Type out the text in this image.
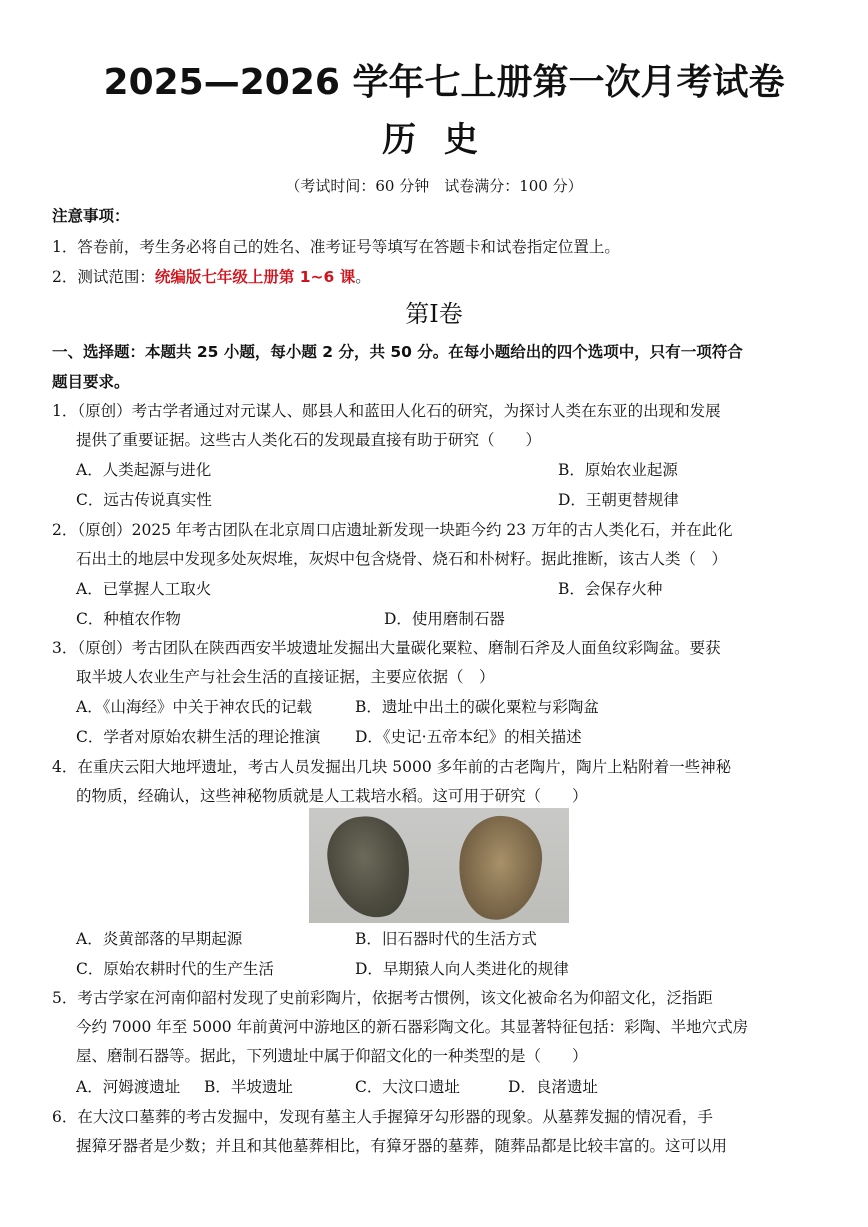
2025—2026 学年七上册第一次月考试卷
历 史
（考试时间：60 分钟　试卷满分：100 分）
注意事项：
1．答卷前，考生务必将自己的姓名、准考证号等填写在答题卡和试卷指定位置上。
2．测试范围：统编版七年级上册第 1~6 课。
第Ⅰ卷
一、选择题：本题共 25 小题，每小题 2 分，共 50 分。在每小题给出的四个选项中，只有一项符合
题目要求。
1．（原创）考古学者通过对元谋人、郧县人和蓝田人化石的研究，为探讨人类在东亚的出现和发展
提供了重要证据。这些古人类化石的发现最直接有助于研究（　　）
A．人类起源与进化	B．原始农业起源
C．远古传说真实性	D．王朝更替规律
2．（原创）2025 年考古团队在北京周口店遗址新发现一块距今约 23 万年的古人类化石，并在此化
石出土的地层中发现多处灰烬堆，灰烬中包含烧骨、烧石和朴树籽。据此推断，该古人类（　）
A．已掌握人工取火	B．会保存火种
C．种植农作物	D．使用磨制石器
3．（原创）考古团队在陕西西安半坡遗址发掘出大量碳化粟粒、磨制石斧及人面鱼纹彩陶盆。要获
取半坡人农业生产与社会生活的直接证据，主要应依据（　）
A．《山海经》中关于神农氏的记载	B．遗址中出土的碳化粟粒与彩陶盆
C．学者对原始农耕生活的理论推演 D．《史记·五帝本纪》的相关描述
4．在重庆云阳大地坪遗址，考古人员发掘出几块 5000 多年前的古老陶片，陶片上粘附着一些神秘
的物质，经确认，这些神秘物质就是人工栽培水稻。这可用于研究（　　）
A．炎黄部落的早期起源	B．旧石器时代的生活方式
C．原始农耕时代的生产生活	D．早期猿人向人类进化的规律
5．考古学家在河南仰韶村发现了史前彩陶片，依据考古惯例，该文化被命名为仰韶文化，泛指距
今约 7000 年至 5000 年前黄河中游地区的新石器彩陶文化。其显著特征包括：彩陶、半地穴式房
屋、磨制石器等。据此，下列遗址中属于仰韶文化的一种类型的是（　　）
A．河姆渡遗址 B．半坡遗址	C．大汶口遗址	D．良渚遗址
6．在大汶口墓葬的考古发掘中，发现有墓主人手握獐牙勾形器的现象。从墓葬发掘的情况看，手
握獐牙器者是少数；并且和其他墓葬相比，有獐牙器的墓葬，随葬品都是比较丰富的。这可以用
